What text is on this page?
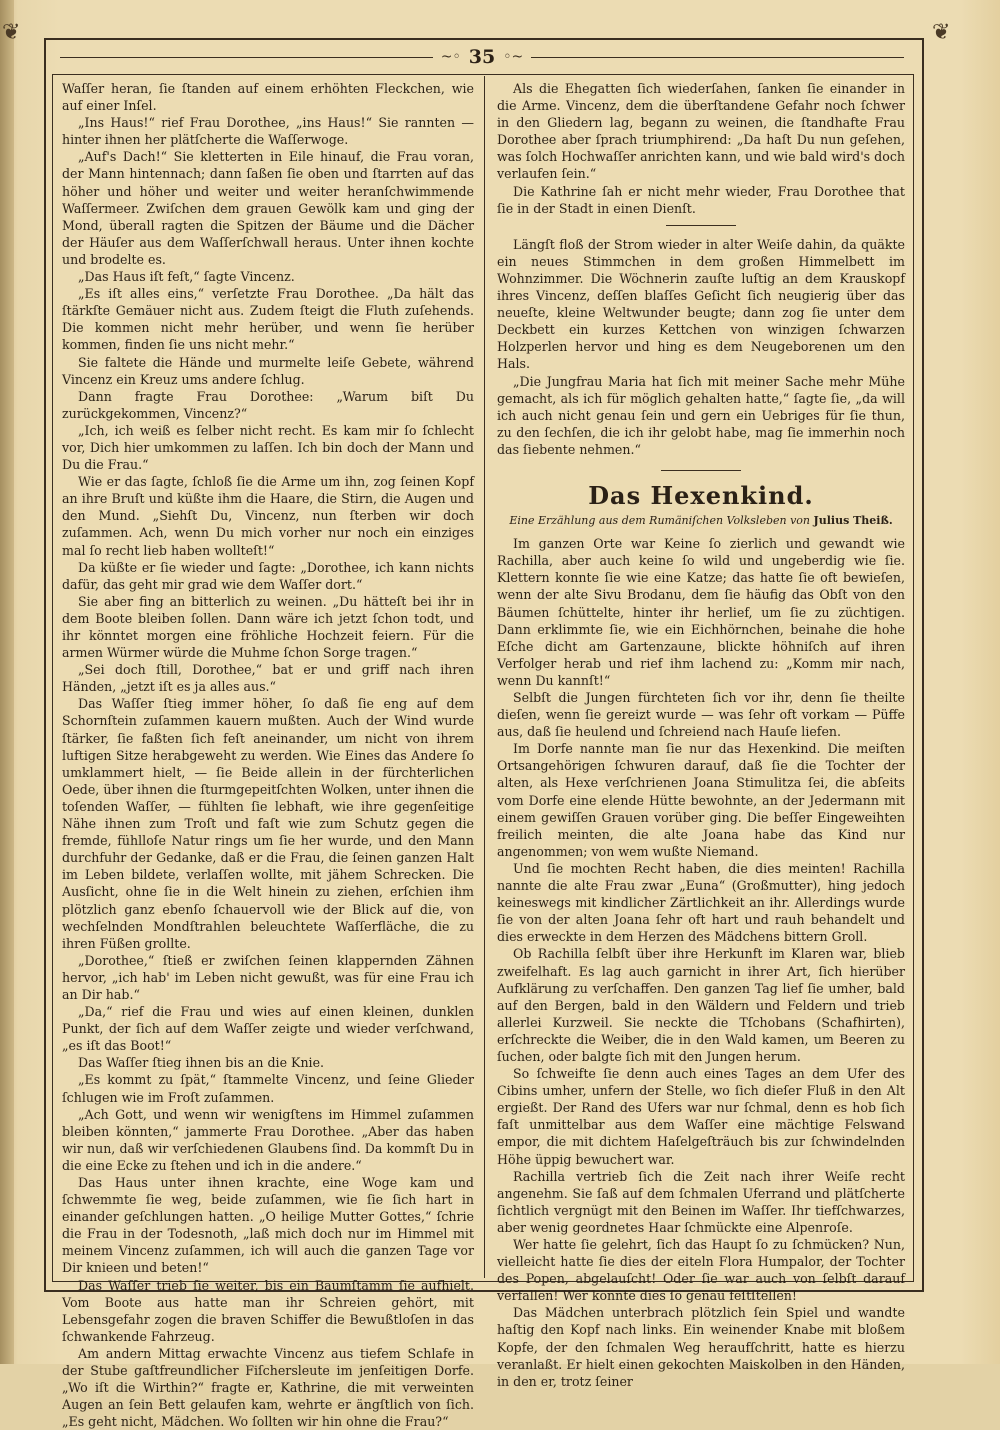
❦	❦
~◦ 35 ◦~

Waſſer heran, ſie ſtanden auf einem erhöhten Fleckchen, wie auf einer Inſel.

„Ins Haus!“ rief Frau Dorothee, „ins Haus!“ Sie rannten — hinter ihnen her plätſcherte die Waſſerwoge.

„Auf's Dach!“ Sie kletterten in Eile hinauf, die Frau voran, der Mann hintennach; dann ſaßen ſie oben und ſtarrten auf das höher und höher und weiter und weiter heranſchwimmende Waſſermeer. Zwiſchen dem grauen Gewölk kam und ging der Mond, überall ragten die Spitzen der Bäume und die Dächer der Häuſer aus dem Waſſerſchwall heraus. Unter ihnen kochte und brodelte es.

„Das Haus iſt feſt,“ ſagte Vincenz.

„Es iſt alles eins,“ verſetzte Frau Dorothee. „Da hält das ſtärkſte Gemäuer nicht aus. Zudem ſteigt die Fluth zuſehends. Die kommen nicht mehr herüber, und wenn ſie herüber kommen, finden ſie uns nicht mehr.“

Sie faltete die Hände und murmelte leiſe Gebete, während Vincenz ein Kreuz ums andere ſchlug.

Dann fragte Frau Dorothee: „Warum biſt Du zurückgekommen, Vincenz?“

„Ich, ich weiß es ſelber nicht recht. Es kam mir ſo ſchlecht vor, Dich hier umkommen zu laſſen. Ich bin doch der Mann und Du die Frau.“

Wie er das ſagte, ſchloß ſie die Arme um ihn, zog ſeinen Kopf an ihre Bruſt und küßte ihm die Haare, die Stirn, die Augen und den Mund. „Siehſt Du, Vincenz, nun ſterben wir doch zuſammen. Ach, wenn Du mich vorher nur noch ein einziges mal ſo recht lieb haben wollteſt!“

Da küßte er ſie wieder und ſagte: „Dorothee, ich kann nichts dafür, das geht mir grad wie dem Waſſer dort.“

Sie aber fing an bitterlich zu weinen. „Du hätteſt bei ihr in dem Boote bleiben ſollen. Dann wäre ich jetzt ſchon todt, und ihr könntet morgen eine fröhliche Hochzeit feiern. Für die armen Würmer würde die Muhme ſchon Sorge tragen.“

„Sei doch ſtill, Dorothee,“ bat er und griff nach ihren Händen, „jetzt iſt es ja alles aus.“

Das Waſſer ſtieg immer höher, ſo daß ſie eng auf dem Schornſtein zuſammen kauern mußten. Auch der Wind wurde ſtärker, ſie faßten ſich feſt aneinander, um nicht von ihrem luftigen Sitze herabgeweht zu werden. Wie Eines das Andere ſo umklammert hielt, — ſie Beide allein in der fürchterlichen Oede, über ihnen die ſturmgepeitſchten Wolken, unter ihnen die toſenden Waſſer, — fühlten ſie lebhaft, wie ihre gegenſeitige Nähe ihnen zum Troſt und faſt wie zum Schutz gegen die fremde, fühlloſe Natur rings um ſie her wurde, und den Mann durchfuhr der Gedanke, daß er die Frau, die ſeinen ganzen Halt im Leben bildete, verlaſſen wollte, mit jähem Schrecken. Die Ausſicht, ohne ſie in die Welt hinein zu ziehen, erſchien ihm plötzlich ganz ebenſo ſchauervoll wie der Blick auf die, von wechſelnden Mondſtrahlen beleuchtete Waſſerfläche, die zu ihren Füßen grollte.

„Dorothee,“ ſtieß er zwiſchen ſeinen klappernden Zähnen hervor, „ich hab' im Leben nicht gewußt, was für eine Frau ich an Dir hab.“

„Da,“ rief die Frau und wies auf einen kleinen, dunklen Punkt, der ſich auf dem Waſſer zeigte und wieder verſchwand, „es iſt das Boot!“

Das Waſſer ſtieg ihnen bis an die Knie.

„Es kommt zu ſpät,“ ſtammelte Vincenz, und ſeine Glieder ſchlugen wie im Froſt zuſammen.

„Ach Gott, und wenn wir wenigſtens im Himmel zuſammen bleiben könnten,“ jammerte Frau Dorothee. „Aber das haben wir nun, daß wir verſchiedenen Glaubens ſind. Da kommſt Du in die eine Ecke zu ſtehen und ich in die andere.“

Das Haus unter ihnen krachte, eine Woge kam und ſchwemmte ſie weg, beide zuſammen, wie ſie ſich hart in einander geſchlungen hatten. „O heilige Mutter Gottes,“ ſchrie die Frau in der Todesnoth, „laß mich doch nur im Himmel mit meinem Vincenz zuſammen, ich will auch die ganzen Tage vor Dir knieen und beten!“

Das Waſſer trieb ſie weiter, bis ein Baumſtamm ſie aufhielt. Vom Boote aus hatte man ihr Schreien gehört, mit Lebensgefahr zogen die braven Schiffer die Bewußtloſen in das ſchwankende Fahrzeug.

Am andern Mittag erwachte Vincenz aus tiefem Schlafe in der Stube gaſtfreundlicher Fiſchersleute im jenſeitigen Dorfe. „Wo iſt die Wirthin?“ fragte er, Kathrine, die mit verweinten Augen an ſein Bett gelaufen kam, wehrte er ängſtlich von ſich. „Es geht nicht, Mädchen. Wo ſollten wir hin ohne die Frau?“

Als die Ehegatten ſich wiederſahen, ſanken ſie einander in die Arme. Vincenz, dem die überſtandene Gefahr noch ſchwer in den Gliedern lag, begann zu weinen, die ſtandhafte Frau Dorothee aber ſprach triumphirend: „Da haſt Du nun geſehen, was ſolch Hochwaſſer anrichten kann, und wie bald wird's doch verlaufen ſein.“

Die Kathrine ſah er nicht mehr wieder, Frau Dorothee that ſie in der Stadt in einen Dienſt.

Längſt floß der Strom wieder in alter Weiſe dahin, da quäkte ein neues Stimmchen in dem großen Himmelbett im Wohnzimmer. Die Wöchnerin zauſte luſtig an dem Krauskopf ihres Vincenz, deſſen blaſſes Geſicht ſich neugierig über das neueſte, kleine Weltwunder beugte; dann zog ſie unter dem Deckbett ein kurzes Kettchen von winzigen ſchwarzen Holzperlen hervor und hing es dem Neugeborenen um den Hals.

„Die Jungfrau Maria hat ſich mit meiner Sache mehr Mühe gemacht, als ich für möglich gehalten hatte,“ ſagte ſie, „da will ich auch nicht genau ſein und gern ein Uebriges für ſie thun, zu den ſechſen, die ich ihr gelobt habe, mag ſie immerhin noch das ſiebente nehmen.“

Das Hexenkind.
Eine Erzählung aus dem Rumäniſchen Volksleben von Julius Theiß.

Im ganzen Orte war Keine ſo zierlich und gewandt wie Rachilla, aber auch keine ſo wild und ungeberdig wie ſie. Klettern konnte ſie wie eine Katze; das hatte ſie oft bewieſen, wenn der alte Sivu Brodanu, dem ſie häufig das Obſt von den Bäumen ſchüttelte, hinter ihr herlief, um ſie zu züchtigen. Dann erklimmte ſie, wie ein Eichhörnchen, beinahe die hohe Eſche dicht am Gartenzaune, blickte höhniſch auf ihren Verfolger herab und rief ihm lachend zu: „Komm mir nach, wenn Du kannſt!“

Selbſt die Jungen fürchteten ſich vor ihr, denn ſie theilte dieſen, wenn ſie gereizt wurde — was ſehr oft vorkam — Püffe aus, daß ſie heulend und ſchreiend nach Hauſe liefen.

Im Dorfe nannte man ſie nur das Hexenkind. Die meiſten Ortsangehörigen ſchwuren darauf, daß ſie die Tochter der alten, als Hexe verſchrienen Joana Stimulitza ſei, die abſeits vom Dorfe eine elende Hütte bewohnte, an der Jedermann mit einem gewiſſen Grauen vorüber ging. Die beſſer Eingeweihten freilich meinten, die alte Joana habe das Kind nur angenommen; von wem wußte Niemand.

Und ſie mochten Recht haben, die dies meinten! Rachilla nannte die alte Frau zwar „Euna“ (Großmutter), hing jedoch keineswegs mit kindlicher Zärtlichkeit an ihr. Allerdings wurde ſie von der alten Joana ſehr oft hart und rauh behandelt und dies erweckte in dem Herzen des Mädchens bittern Groll.

Ob Rachilla ſelbſt über ihre Herkunft im Klaren war, blieb zweifelhaft. Es lag auch garnicht in ihrer Art, ſich hierüber Aufklärung zu verſchaffen. Den ganzen Tag lief ſie umher, bald auf den Bergen, bald in den Wäldern und Feldern und trieb allerlei Kurzweil. Sie neckte die Tſchobans (Schafhirten), erſchreckte die Weiber, die in den Wald kamen, um Beeren zu ſuchen, oder balgte ſich mit den Jungen herum.

So ſchweifte ſie denn auch eines Tages an dem Ufer des Cibins umher, unfern der Stelle, wo ſich dieſer Fluß in den Alt ergießt. Der Rand des Ufers war nur ſchmal, denn es hob ſich faſt unmittelbar aus dem Waſſer eine mächtige Felswand empor, die mit dichtem Haſelgeſträuch bis zur ſchwindelnden Höhe üppig bewuchert war.

Rachilla vertrieb ſich die Zeit nach ihrer Weiſe recht angenehm. Sie ſaß auf dem ſchmalen Uferrand und plätſcherte ſichtlich vergnügt mit den Beinen im Waſſer. Ihr tiefſchwarzes, aber wenig geordnetes Haar ſchmückte eine Alpenroſe.

Wer hatte ſie gelehrt, ſich das Haupt ſo zu ſchmücken? Nun, vielleicht hatte ſie dies der eiteln Flora Humpalor, der Tochter des Popen, abgelauſcht! Oder ſie war auch von ſelbſt darauf verfallen! Wer konnte dies ſo genau feſtſtellen!

Das Mädchen unterbrach plötzlich ſein Spiel und wandte haſtig den Kopf nach links. Ein weinender Knabe mit bloßem Kopfe, der den ſchmalen Weg heraufſchritt, hatte es hierzu veranlaßt. Er hielt einen gekochten Maiskolben in den Händen, in den er, trotz ſeiner
